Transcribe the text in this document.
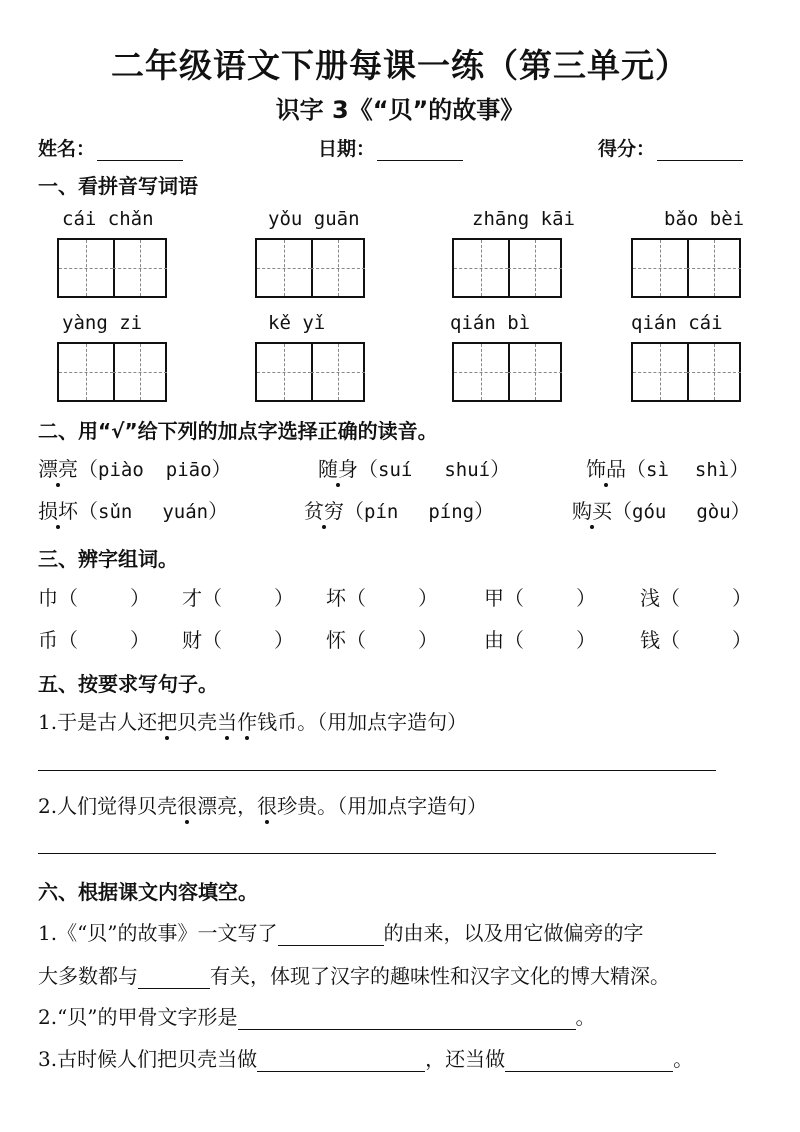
二年级语文下册每课一练（第三单元）
识字 3《“贝”的故事》
姓名：	日期：	得分：
一、看拼音写词语
cái chǎn	yǒu guān	zhāng kāi	bǎo bèi
yàng zi	kě yǐ	qián bì	qián cái
二、用“√”给下列的加点字选择正确的读音。
漂亮（piào piāo）	随身（suí shuí）	饰品（sì shì）
损坏（sǔn yuán）	贫穷（pín píng）	购买（góu gòu）
三、辨字组词。
巾（	） 才（	） 坏（	） 甲（	） 浅（	）
币（	） 财（	） 怀（	） 由（	） 钱（	）
五、按要求写句子。
1.于是古人还把贝壳当作钱币。（用加点字造句）
2.人们觉得贝壳很漂亮，很珍贵。（用加点字造句）
六、根据课文内容填空。
1.《“贝”的故事》一文写了	的由来，以及用它做偏旁的字
大多数都与	有关，体现了汉字的趣味性和汉字文化的博大精深。
2.“贝”的甲骨文字形是	。
3.古时候人们把贝壳当做	，还当做	。
